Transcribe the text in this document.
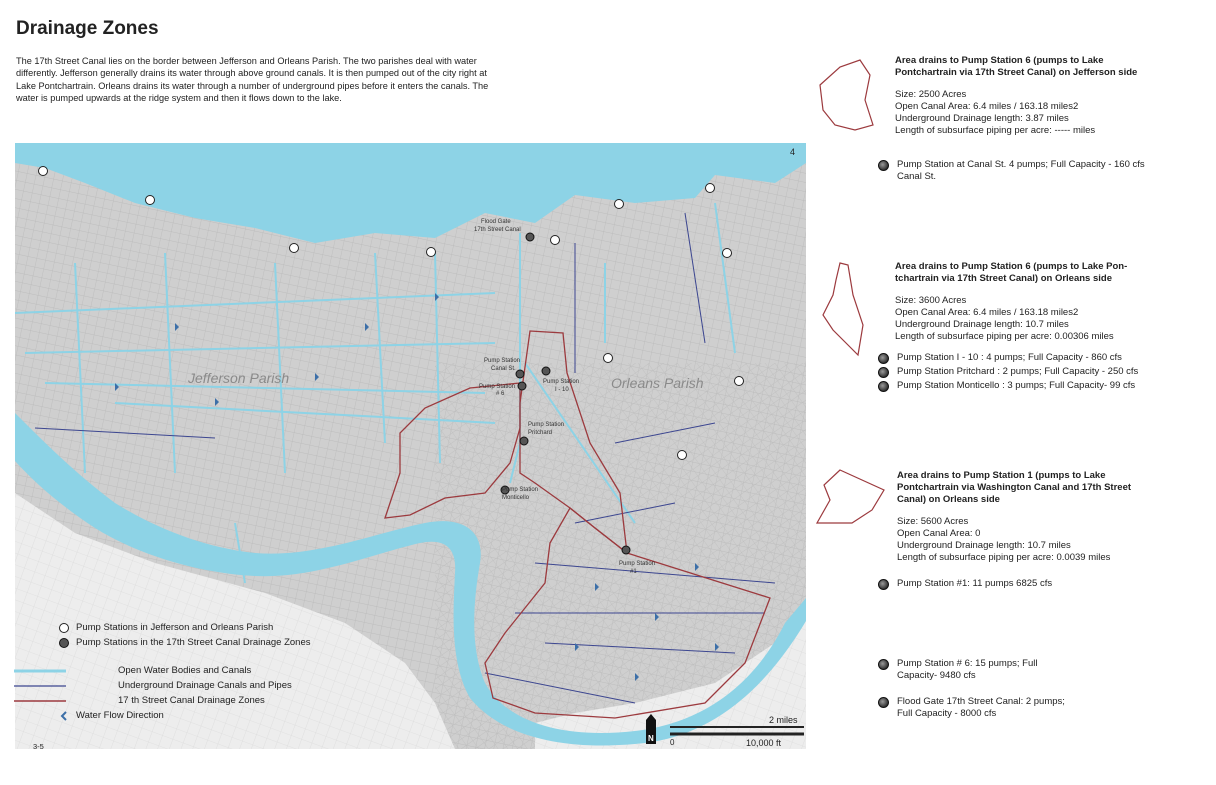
Drainage Zones

The 17th Street Canal lies on the border between Jefferson and Orleans Parish. The two parishes deal with water differently. Jefferson generally drains its water through above ground canals. It is then pumped out of the city right at Lake Pontchartrain. Orleans drains its water through a number of underground pipes before it enters the canals. The water is pumped upwards at the ridge system and then it flows down to the lake.

Jefferson Parish	Orleans Parish
Flood Gate
17th Street Canal
Pump Station
Canal St.
Pump Station
# 6
Pump Station
I - 10
Pump Station
Pritchard
Pump Station
Monticello
Pump Station
#1
4
Pump Stations in Jefferson and Orleans Parish
Pump Stations in the 17th Street Canal Drainage Zones
Open Water Bodies and Canals
Underground Drainage Canals and Pipes
17 th Street Canal Drainage Zones
Water Flow Direction
N
2 miles
0	10,000 ft
3-5
Area drains to Pump Station 6 (pumps to Lake Pontchartrain via 17th Street Canal) on Jefferson side

Size: 2500 Acres

Open Canal Area: 6.4 miles / 163.18 miles2

Underground Drainage length: 3.87 miles

Length of subsurface piping per acre: ----- miles

Pump Station at Canal St. 4 pumps; Full Capacity - 160 cfs Canal St.
Area drains to Pump Station 6 (pumps to Lake Pon-tchartrain via 17th Street Canal) on Orleans side

Size: 3600 Acres

Open Canal Area: 6.4 miles / 163.18 miles2

Underground Drainage length: 10.7 miles

Length of subsurface piping per acre: 0.00306 miles

Pump Station I - 10 : 4 pumps; Full Capacity - 860 cfs
Pump Station Pritchard : 2 pumps; Full Capacity - 250 cfs
Pump Station Monticello : 3 pumps; Full Capacity- 99 cfs
Area drains to Pump Station 1 (pumps to Lake Pontchartrain via Washington Canal and 17th Street Canal) on Orleans side

Size: 5600 Acres

Open Canal Area: 0

Underground Drainage length: 10.7 miles

Length of subsurface piping per acre: 0.0039 miles

Pump Station #1: 11 pumps 6825 cfs
Pump Station # 6: 15 pumps; Full Capacity- 9480 cfs
Flood Gate 17th Street Canal: 2 pumps; Full Capacity - 8000 cfs
